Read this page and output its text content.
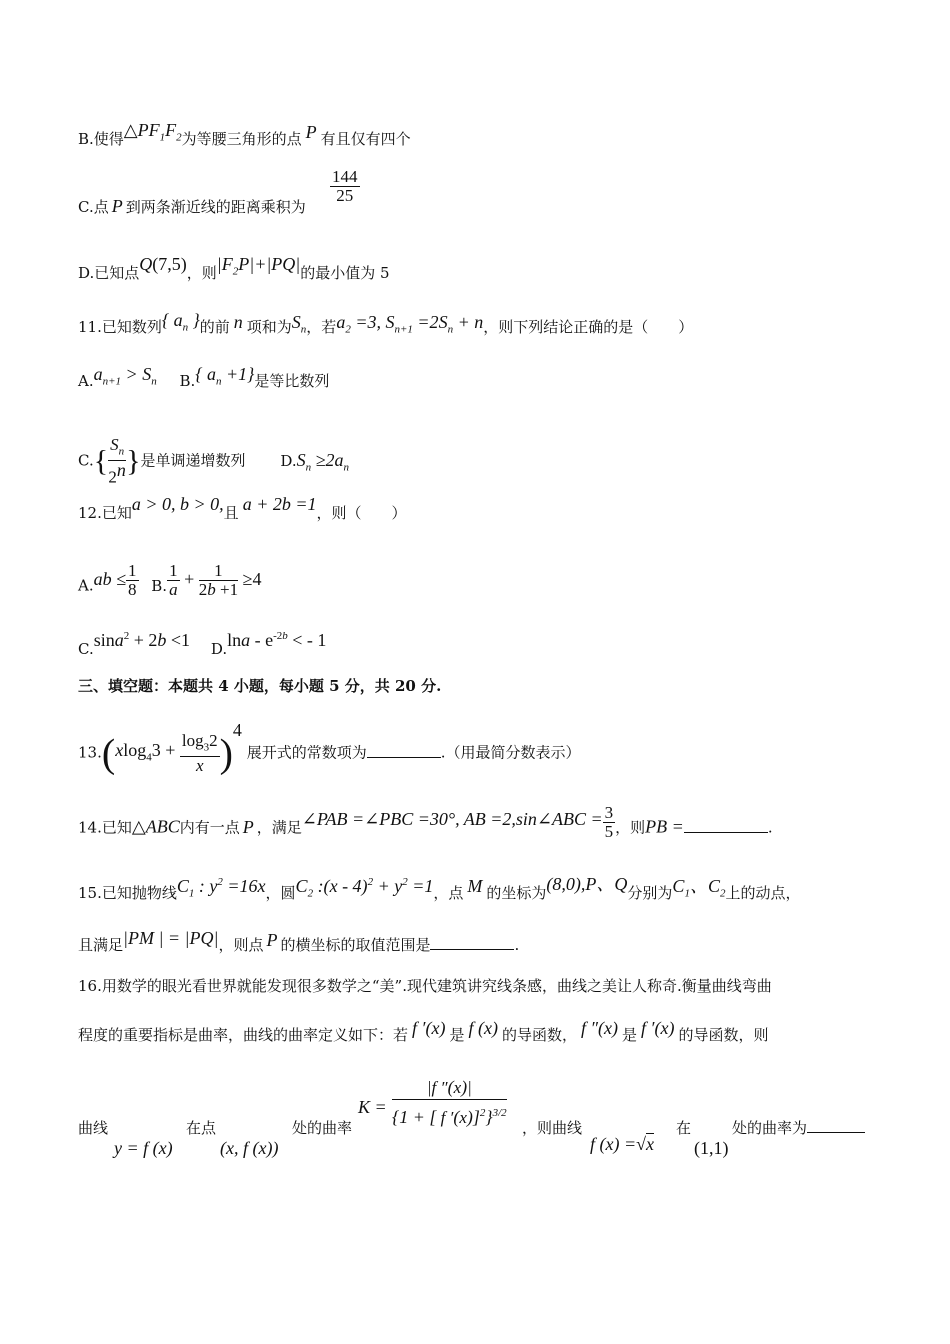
B.使得$\triangle PF_1F_2$为等腰三角形的点 P 有且仅有四个
C.点 P 到两条渐近线的距离乘积为
$\frac{144}{25}$
D.已知点Q(7,5)，则$|F_2P|+|PQ|$的最小值为 5
11.已知数列{ $a_n$ }的前 n 项和为$S_n$，若$a_2 =3$, $S_{n+1} =2S_n + n$，则下列结论正确的是（　　）
$A.a_{n+1} > S_n$ B.{ $a_n +1$}是等比数列
$C.\{ \frac{S_n}{2^n}$ }是单调递增数列 $D.S_n \ge 2a_n$
12.已知a > 0, b > 0,且 a + 2b =1，则（　　）
$A.ab \le \frac{1}{8} B$. $\frac{1}{a} + \frac{1}{2b +1} \ge 4$
C.sina$^2$ + 2b <1 $D.\ln a - e^{-2b}$ < - 1
三、填空题：本题共 4 小题，每小题 5 分，共 20 分.
$13.(xlog_43 + \frac{\log_32}{x} )^4$ 展开式的常数项为	.（用最简分数表示）
14.已知△ABC内有一点 P ，满足∠PAB =∠PBC =30°, AB =2,sin∠ABC = $\frac{3}{5}$ ，则PB =	.
15.已知抛物线$C_1$ : $y^2 =16x$，圆$C_2$ :(x - $4)^2 + y^2 =1$，点 M 的坐标为(8,0),P、Q分别为$C_1$、$C_2$上的动点，
且满足|PM | = |PQ|，则点 P 的横坐标的取值范围是	.
16.用数学的眼光看世界就能发现很多数学之“美”.现代建筑讲究线条感，曲线之美让人称奇.衡量曲线弯曲
程度的重要指标是曲率，曲线的曲率定义如下：若 f ′(x) 是 f (x) 的导函数， f ″(x) 是 f ′(x) 的导函数，则
曲线
y = f (x)
在点
(x, f (x))
处的曲率
$K = \frac{|f ''(x)|}{\{1 + [ f '(x)]^2\}^{3/2}}$
，则曲线
f (x) =√x
在
(1,1)
处的曲率为
